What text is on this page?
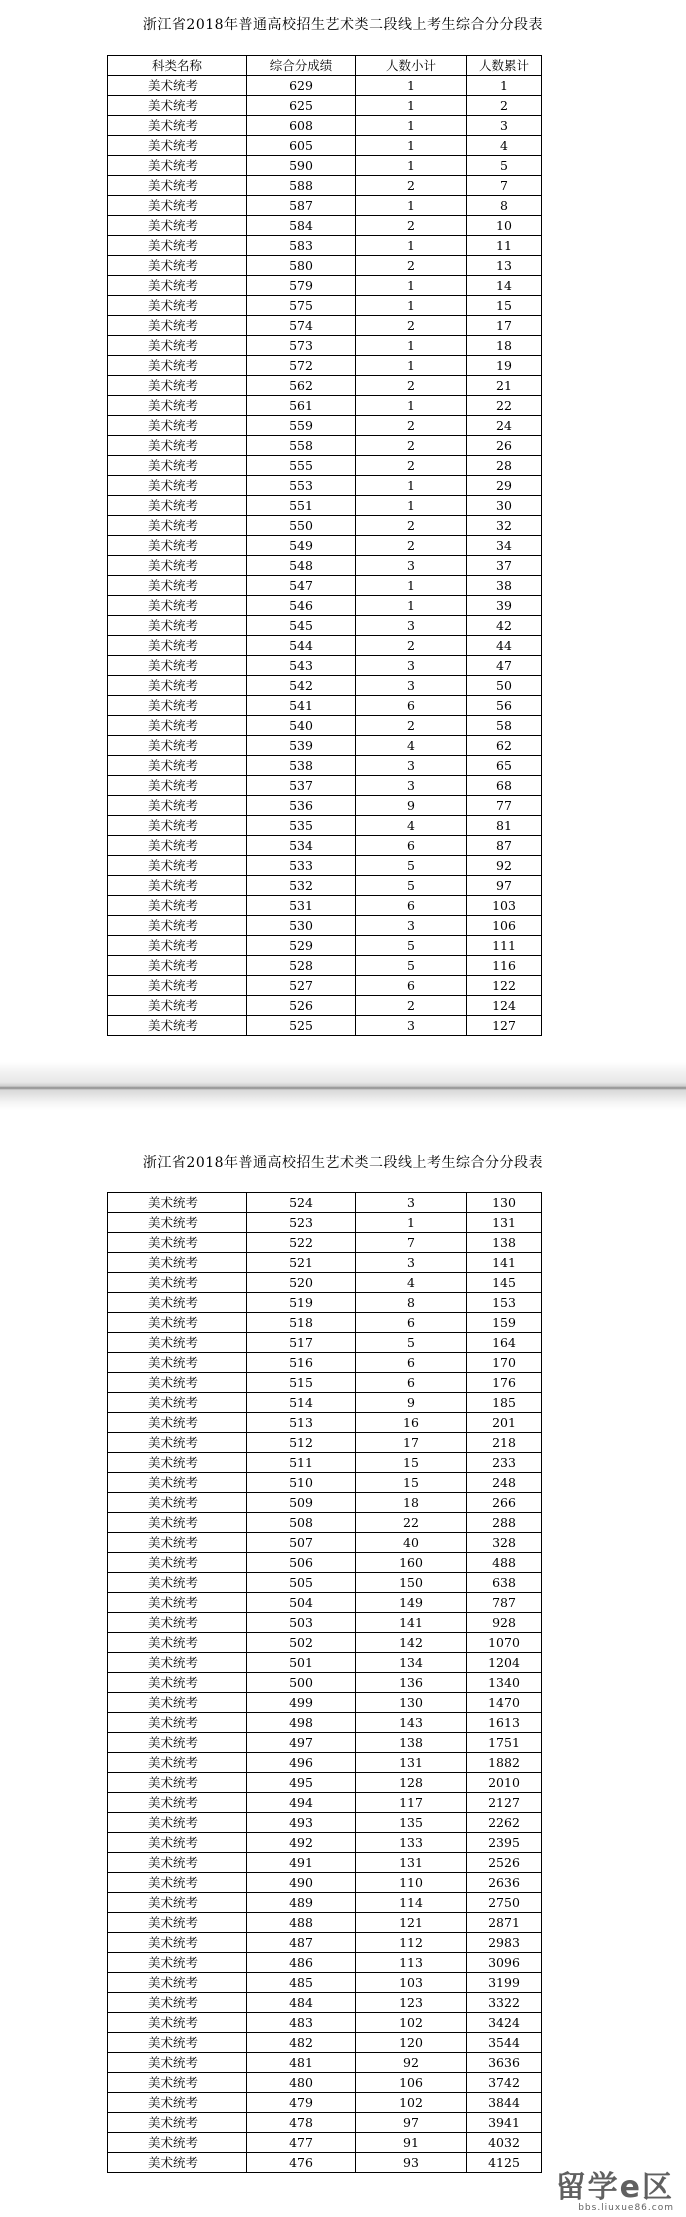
浙江省2018年普通高校招生艺术类二段线上考生综合分分段表
科类名称	综合分成绩	人数小计	人数累计
美术统考	629	1	1
美术统考	625	1	2
美术统考	608	1	3
美术统考	605	1	4
美术统考	590	1	5
美术统考	588	2	7
美术统考	587	1	8
美术统考	584	2	10
美术统考	583	1	11
美术统考	580	2	13
美术统考	579	1	14
美术统考	575	1	15
美术统考	574	2	17
美术统考	573	1	18
美术统考	572	1	19
美术统考	562	2	21
美术统考	561	1	22
美术统考	559	2	24
美术统考	558	2	26
美术统考	555	2	28
美术统考	553	1	29
美术统考	551	1	30
美术统考	550	2	32
美术统考	549	2	34
美术统考	548	3	37
美术统考	547	1	38
美术统考	546	1	39
美术统考	545	3	42
美术统考	544	2	44
美术统考	543	3	47
美术统考	542	3	50
美术统考	541	6	56
美术统考	540	2	58
美术统考	539	4	62
美术统考	538	3	65
美术统考	537	3	68
美术统考	536	9	77
美术统考	535	4	81
美术统考	534	6	87
美术统考	533	5	92
美术统考	532	5	97
美术统考	531	6	103
美术统考	530	3	106
美术统考	529	5	111
美术统考	528	5	116
美术统考	527	6	122
美术统考	526	2	124
美术统考	525	3	127
浙江省2018年普通高校招生艺术类二段线上考生综合分分段表
美术统考	524	3	130
美术统考	523	1	131
美术统考	522	7	138
美术统考	521	3	141
美术统考	520	4	145
美术统考	519	8	153
美术统考	518	6	159
美术统考	517	5	164
美术统考	516	6	170
美术统考	515	6	176
美术统考	514	9	185
美术统考	513	16	201
美术统考	512	17	218
美术统考	511	15	233
美术统考	510	15	248
美术统考	509	18	266
美术统考	508	22	288
美术统考	507	40	328
美术统考	506	160	488
美术统考	505	150	638
美术统考	504	149	787
美术统考	503	141	928
美术统考	502	142	1070
美术统考	501	134	1204
美术统考	500	136	1340
美术统考	499	130	1470
美术统考	498	143	1613
美术统考	497	138	1751
美术统考	496	131	1882
美术统考	495	128	2010
美术统考	494	117	2127
美术统考	493	135	2262
美术统考	492	133	2395
美术统考	491	131	2526
美术统考	490	110	2636
美术统考	489	114	2750
美术统考	488	121	2871
美术统考	487	112	2983
美术统考	486	113	3096
美术统考	485	103	3199
美术统考	484	123	3322
美术统考	483	102	3424
美术统考	482	120	3544
美术统考	481	92	3636
美术统考	480	106	3742
美术统考	479	102	3844
美术统考	478	97	3941
美术统考	477	91	4032
美术统考	476	93	4125
留学e区
bbs.liuxue86.com
